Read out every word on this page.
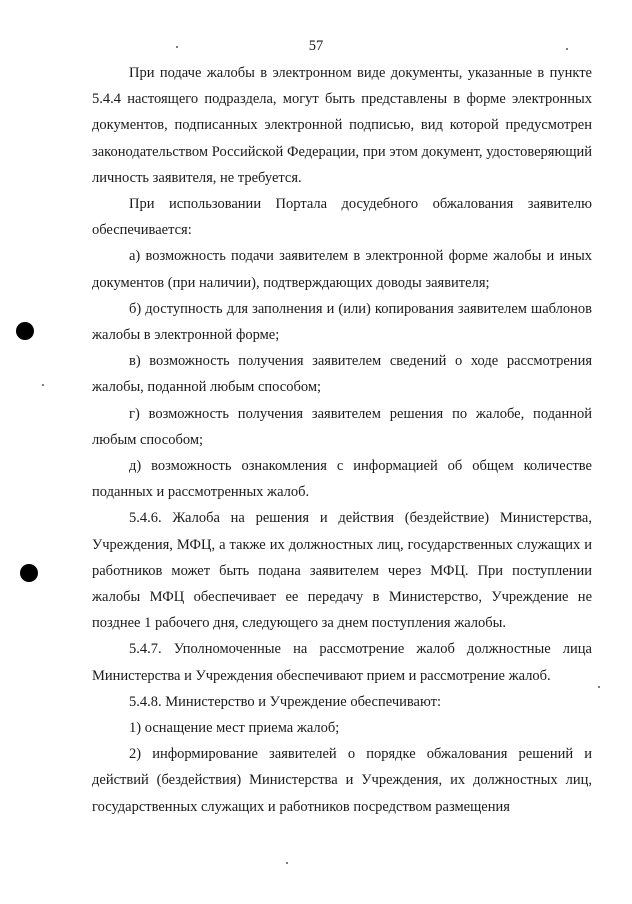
57

При подаче жалобы в электронном виде документы, указанные в пункте 5.4.4 настоящего подраздела, могут быть представлены в форме электронных документов, подписанных электронной подписью, вид которой предусмотрен законодательством Российской Федерации, при этом документ, удостоверяющий личность заявителя, не требуется.

При использовании Портала досудебного обжалования заявителю обеспечивается:

а) возможность подачи заявителем в электронной форме жалобы и иных документов (при наличии), подтверждающих доводы заявителя;

б) доступность для заполнения и (или) копирования заявителем шаблонов жалобы в электронной форме;

в) возможность получения заявителем сведений о ходе рассмотрения жалобы, поданной любым способом;

г) возможность получения заявителем решения по жалобе, поданной любым способом;

д) возможность ознакомления с информацией об общем количестве поданных и рассмотренных жалоб.

5.4.6. Жалоба на решения и действия (бездействие) Министерства, Учреждения, МФЦ, а также их должностных лиц, государственных служащих и работников может быть подана заявителем через МФЦ. При поступлении жалобы МФЦ обеспечивает ее передачу в Министерство, Учреждение не позднее 1 рабочего дня, следующего за днем поступления жалобы.

5.4.7. Уполномоченные на рассмотрение жалоб должностные лица Министерства и Учреждения обеспечивают прием и рассмотрение жалоб.

5.4.8. Министерство и Учреждение обеспечивают:

1) оснащение мест приема жалоб;

2) информирование заявителей о порядке обжалования решений и действий (бездействия) Министерства и Учреждения, их должностных лиц, государственных служащих и работников посредством размещения
